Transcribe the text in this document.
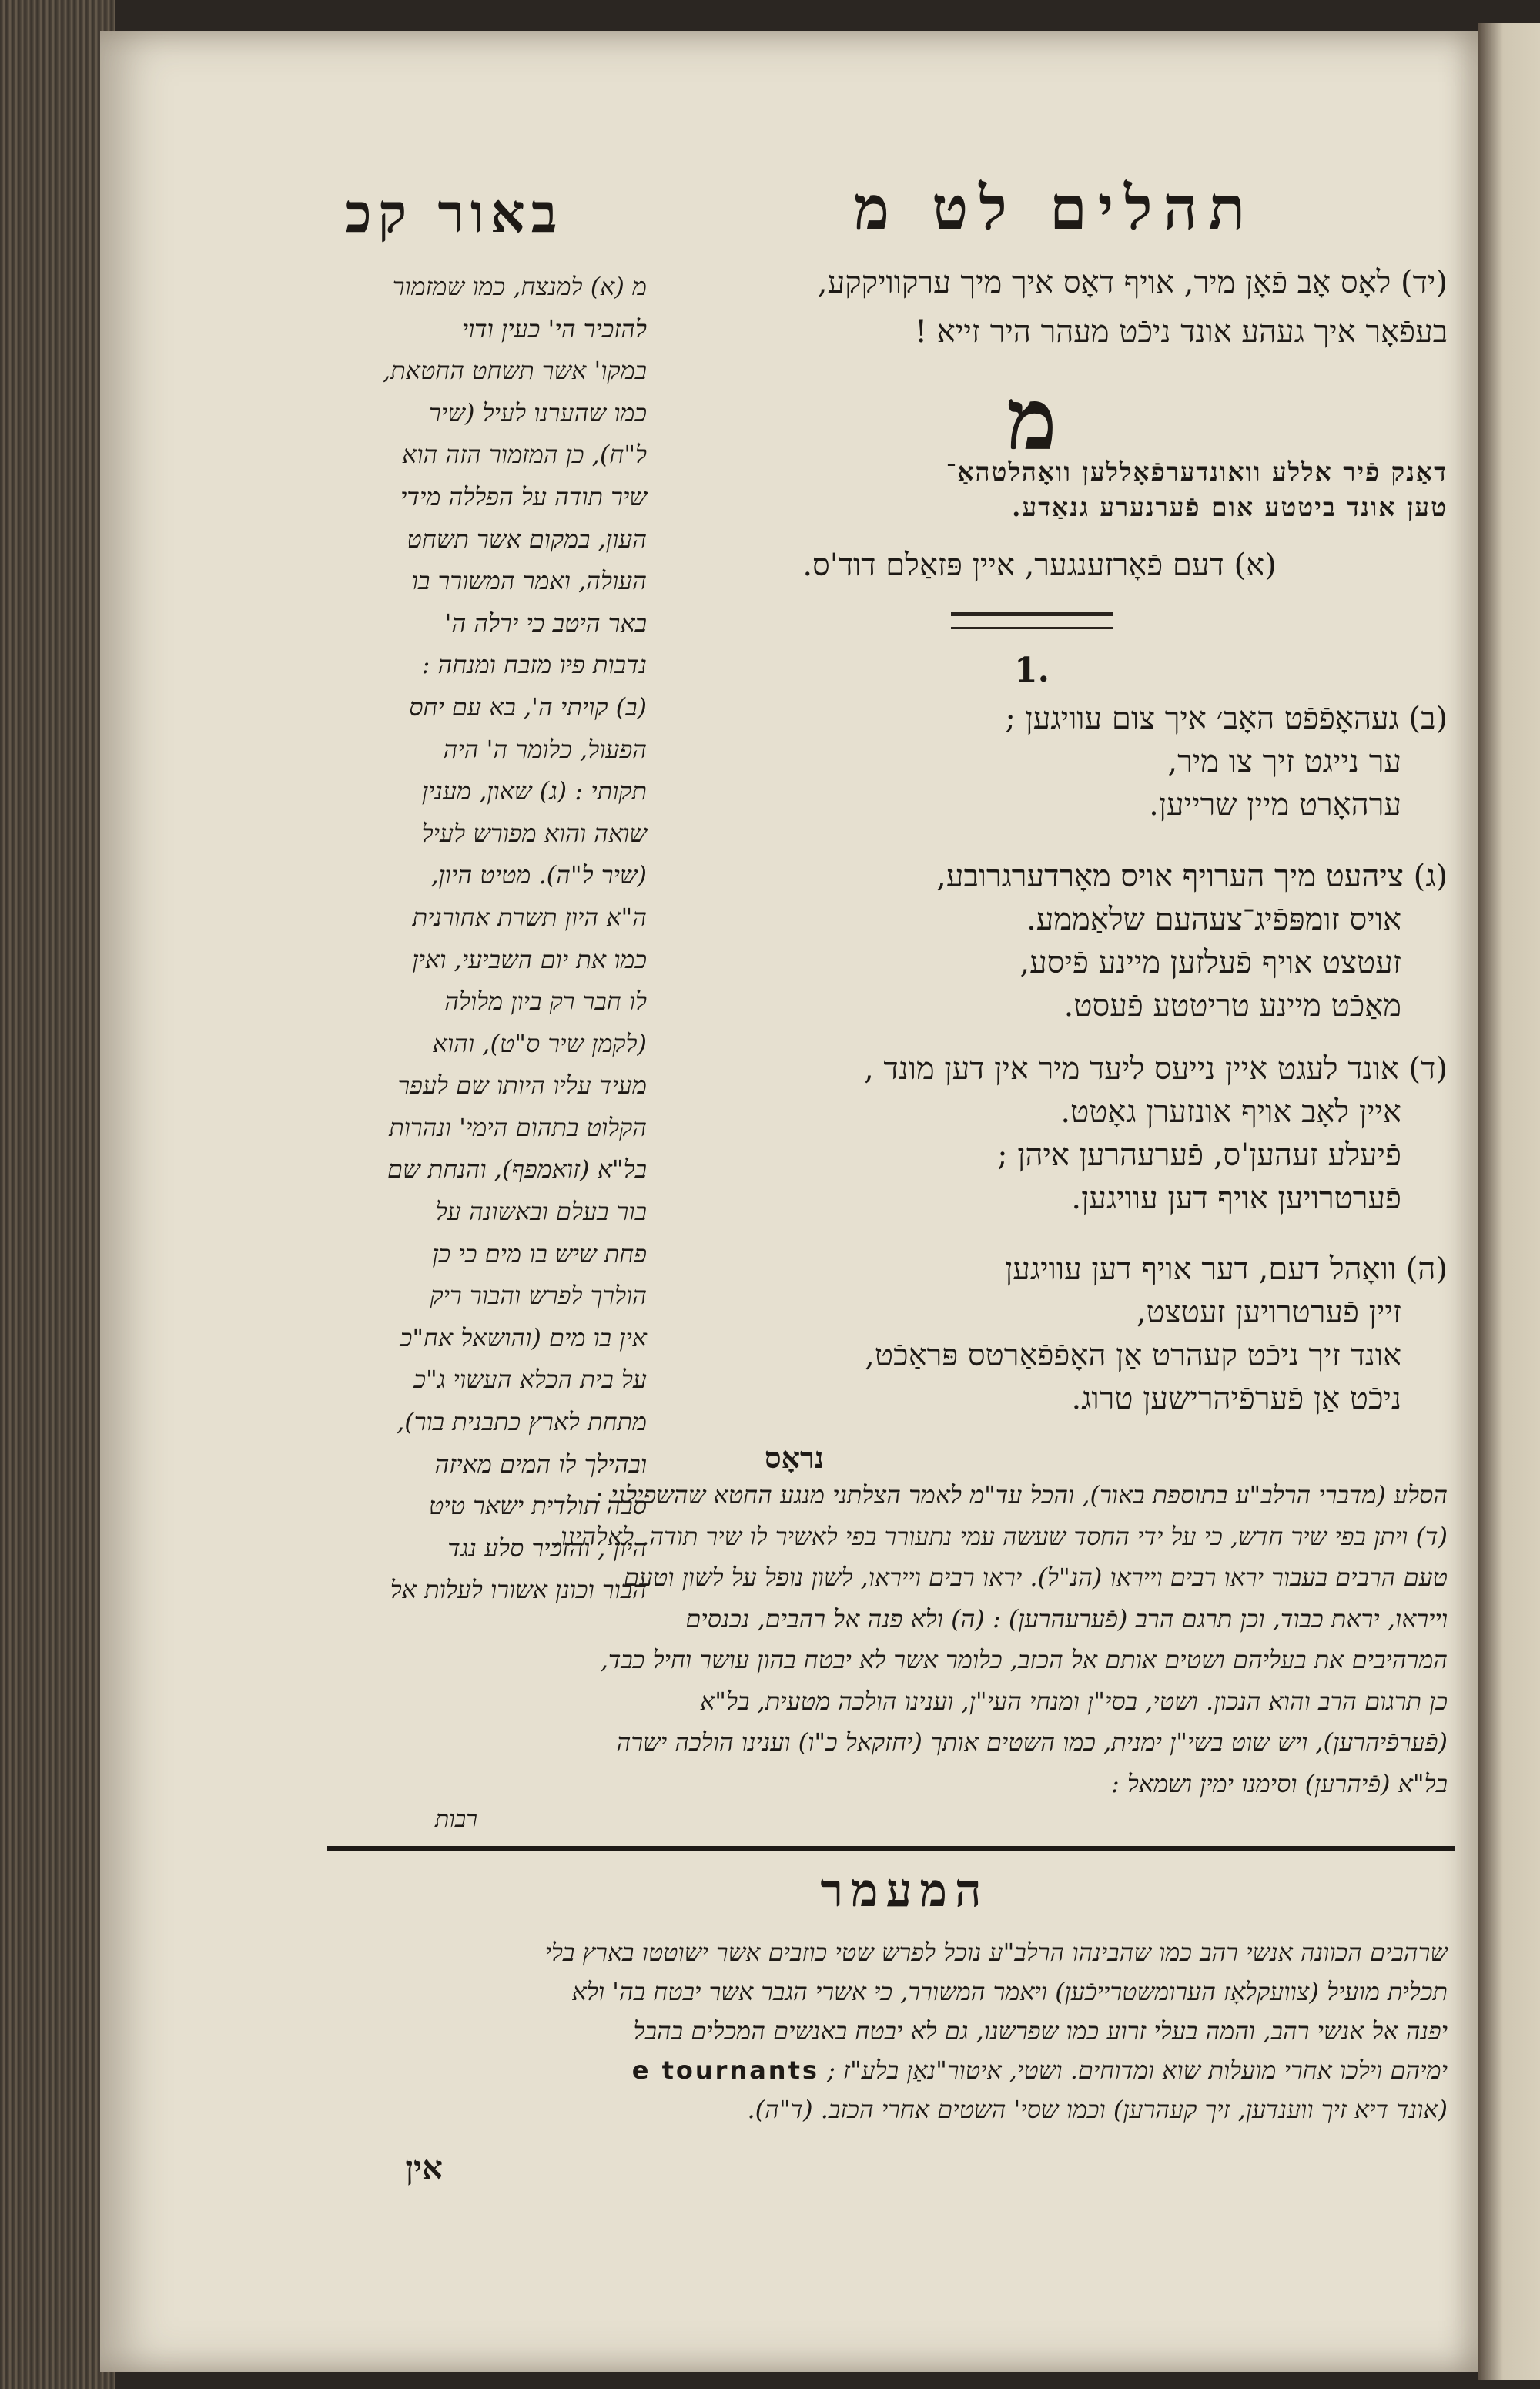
תהלים לט מ
באור קכ
(יד) לאָס אָב פֿאָן מיר, אויף דאָס איך מיך ערקוויקקע,
בעפֿאָר איך געהע אונד ניכֿט מעהר היר זייא !
מ
דאַנק פֿיר אללע וואונדערפֿאָללען וואָהלטהאַ־
טען אונד ביטטע אום פֿערנערע גנאַדע.
(א) דעם פֿאָרזענגער, איין פּזאַלם דוד'ס.
1.
(ב) געהאָפֿפֿט האָב׳ איך צום עוויגען ;
ער נייגט זיך צו מיר,
ערהאָרט מיין שרייען.
(ג) ציהעט מיך הערויף אויס מאָרדערגרובע,
אויס זומפּפֿיג־צעהעם שלאַממע.
זעטצט אויף פֿעלזען מיינע פֿיסע,
מאַכֿט מיינע טריטטע פֿעסט.
(ד) אונד לעגט איין נייעס ליעד מיר אין דען מונד ,
איין לאָב אויף אונזערן גאָטט.
פֿיעלע זעהען'ס, פֿערעהרען איהן ;
פֿערטרויען אויף דען עוויגען.
(ה) וואָהל דעם, דער אויף דען עוויגען
זיין פֿערטרויען זעטצט,
אונד זיך ניכֿט קעהרט אַן האָפֿפֿאַרטס פּראַכֿט,
ניכֿט אַן פֿערפֿיהרישען טרוג.
נראָס
מ (א) למנצח, כמו שמזמור
להזכיר הי' כעין ודוי
במקו' אשר תשחט החטאת,
כמו שהערנו לעיל (שיר
ל"ח), כן המזמור הזה הוא
שיר תודה על הפללה מידי
העון, במקום אשר תשחט
העולה, ואמר המשורר בו
באר היטב כי ירלה ה'
נדבות פיו מזבח ומנחה :
(ב) קויתי ה', בא עם יחס
הפעול, כלומר ה' היה
תקותי : (ג) שאון, מענין
שואה והוא מפורש לעיל
(שיר ל"ה). מטיט היון,
ה"א היון תשרת אחורנית
כמו את יום השביעי, ואין
לו חבר רק ביון מלולה
(לקמן שיר ס"ט), והוא
מעיד עליו היותו שם לעפר
הקלוט בתהום הימי' ונהרות
בל"א (זואמפף), והנחת שם
בור בעלם ובאשונה על
פחת שיש בו מים כי כן
הולרך לפרש והבור ריק
אין בו מים (והושאל אח"כ
על בית הכלא העשוי ג"כ
מתחת לארץ כתבנית בור),
ובהילך לו המים מאיזה
סבה תולדית ישאר טיט
היון , והזכיר סלע נגד
הבור וכונן אשורו לעלות אל
הסלע (מדברי הרלב"ע בתוספת באור), והכל עד"מ לאמר הצלתני מנגע החטא שהשפילני :
(ד) ויתן בפי שיר חדש, כי על ידי החסד שעשה עמי נתעורר בפי לאשיר לו שיר תודה. לאלהינו,
טעם הרבים בעבור יראו רבים וייראו (הנ"ל). יראו רבים וייראו, לשון נופל על לשון וטעם
וייראו, יראת כבוד, וכן תרגם הרב (פֿערעהרען) : (ה) ולא פנה אל רהבים, נכנסים
המרהיבים את בעליהם ושטים אותם אל הכזב, כלומר אשר לא יבטח בהון עושר וחיל כבד,
כן תרגום הרב והוא הנכון. ושטי, בסי"ן ומנחי העי"ן, וענינו הולכה מטעית, בל"א
(פֿערפֿיהרען), ויש שוט בשי"ן ימנית, כמו השטים אותך (יחזקאל כ"ו) וענינו הולכה ישרה
בל"א (פֿיהרען) וסימנו ימין ושמאל :
רבות
המעמר
שרהבים הכוונה אנשי רהב כמו שהבינהו הרלב"ע נוכל לפרש שטי כוזבים אשר ישוטטו בארץ בלי
תכלית מועיל (צוועקלאָז הערומשטרייכֿען) ויאמר המשורר, כי אשרי הגבר אשר יבטח בה' ולא
יפנה אל אנשי רהב, והמה בעלי זרוע כמו שפרשנו, גם לא יבטח באנשים המכלים בהבל
ימיהם וילכו אחרי מועלות שוא ומדוחים. ושטי, איטור"נאַן בלע"ז ; e tournants
(אונד דיא זיך ווענדען, זיך קעהרען) וכמו שסי' השטים אחרי הכזב. (ד"ה).
אין
